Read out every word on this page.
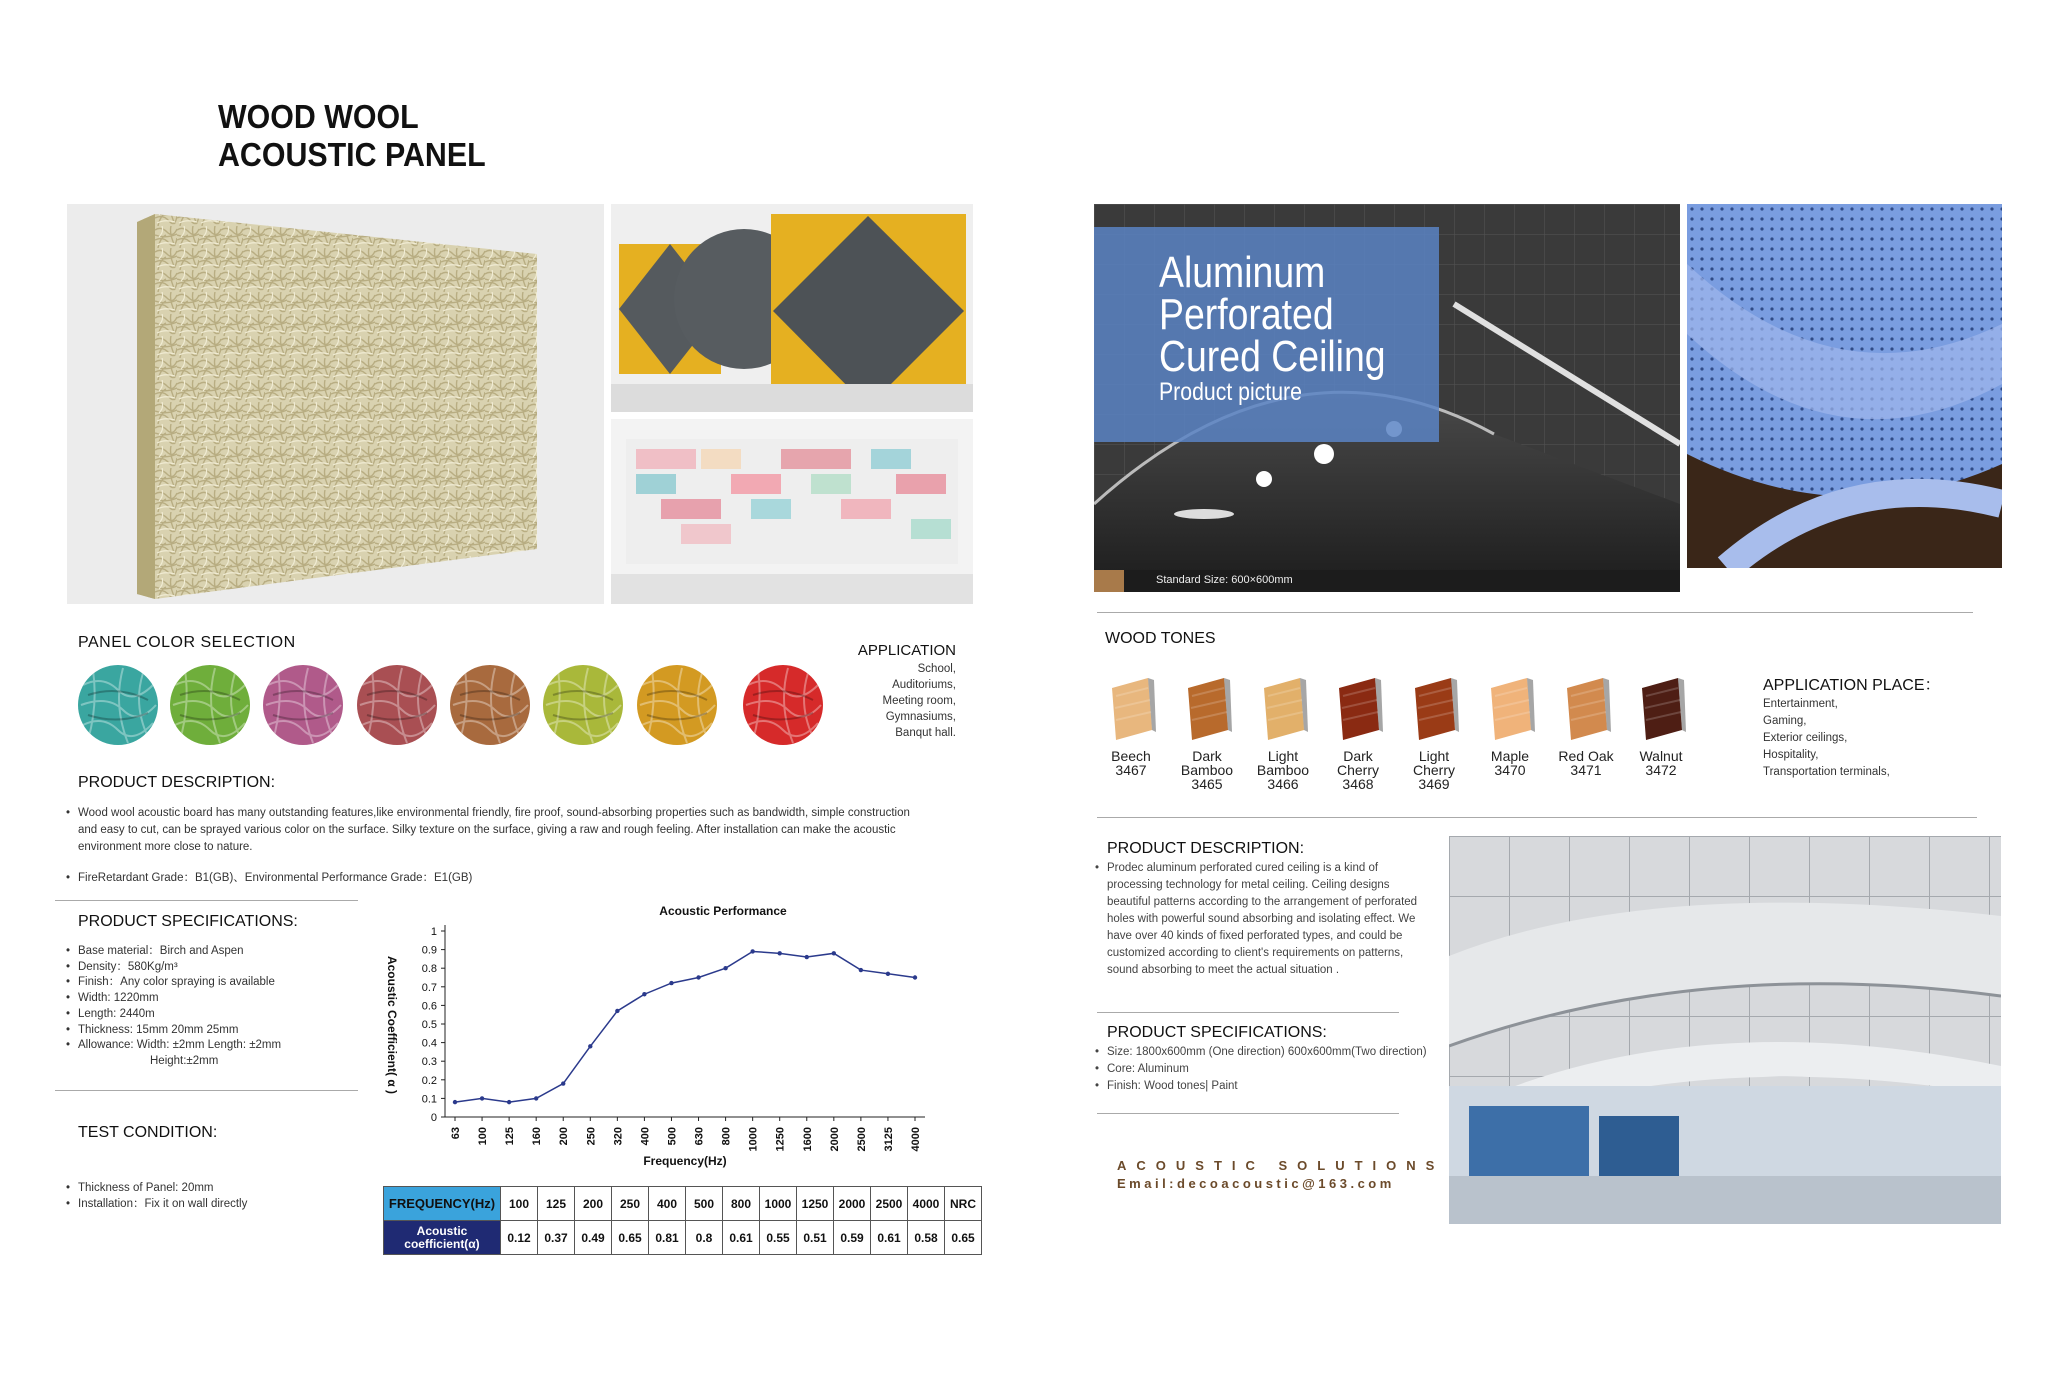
WOOD WOOL
ACOUSTIC PANEL
PANEL COLOR SELECTION	APPLICATION
School,
Auditoriums,
Meeting room,
Gymnasiums,
Banqut hall.
PRODUCT DESCRIPTION:
• Wood wool acoustic board has many outstanding features,like environmental friendly, fire proof, sound-absorbing properties such as bandwidth, simple construction and easy to cut, can be sprayed various color on the surface. Silky texture on the surface, giving a raw and rough feeling. After installation can make the acoustic environment more close to nature.
• FireRetardant Grade：B1(GB)、Environmental Performance Grade：E1(GB)
PRODUCT SPECIFICATIONS:
• Base material：Birch and Aspen
• Density：580Kg/m³
• Finish：Any color spraying is available
• Width: 1220mm
• Length: 2440m
• Thickness: 15mm 20mm 25mm
• Allowance: Width: ±2mm Length: ±2mm
Height:±2mm
TEST CONDITION:
• Thickness of Panel: 20mm
• Installation：Fix it on wall directly
Acoustic Performance
0
0.1
0.2
0.3
0.4
0.5
0.6
0.7
0.8
0.9
1
63 100 125 160 200 250 320 400 500 630 800 1000 1250 1600 2000 2500 3125 4000
Frequency(Hz)
Acoustic Coefficient( α )
FREQUENCY(Hz)	100	125	200	250	400	500	800	1000	1250	2000	2500	4000	NRC
Acoustic coefficient(α)	0.12	0.37	0.49	0.65	0.81	0.8	0.61	0.55	0.51	0.59	0.61	0.58	0.65
Aluminum
Perforated
Cured Ceiling
Product picture
Standard Size: 600×600mm
WOOD TONES
Beech
3467
Dark Bamboo
3465
Light Bamboo
3466
Dark Cherry
3468
Light Cherry
3469
Maple
3470
Red Oak
3471
Walnut
3472
APPLICATION PLACE：
Entertainment,
Gaming,
Exterior ceilings,
Hospitality,
Transportation terminals,
PRODUCT DESCRIPTION:
• Prodec aluminum perforated cured ceiling is a kind of processing technology for metal ceiling. Ceiling designs beautiful patterns according to the arrangement of perforated holes with powerful sound absorbing and isolating effect. We have over 40 kinds of fixed perforated types, and could be customized according to client's requirements on patterns, sound absorbing to meet the actual situation .
PRODUCT SPECIFICATIONS:
• Size: 1800x600mm (One direction) 600x600mm(Two direction)
• Core: Aluminum
• Finish: Wood tones| Paint
ACOUSTIC SOLUTIONS
Email:decoacoustic@163.com
